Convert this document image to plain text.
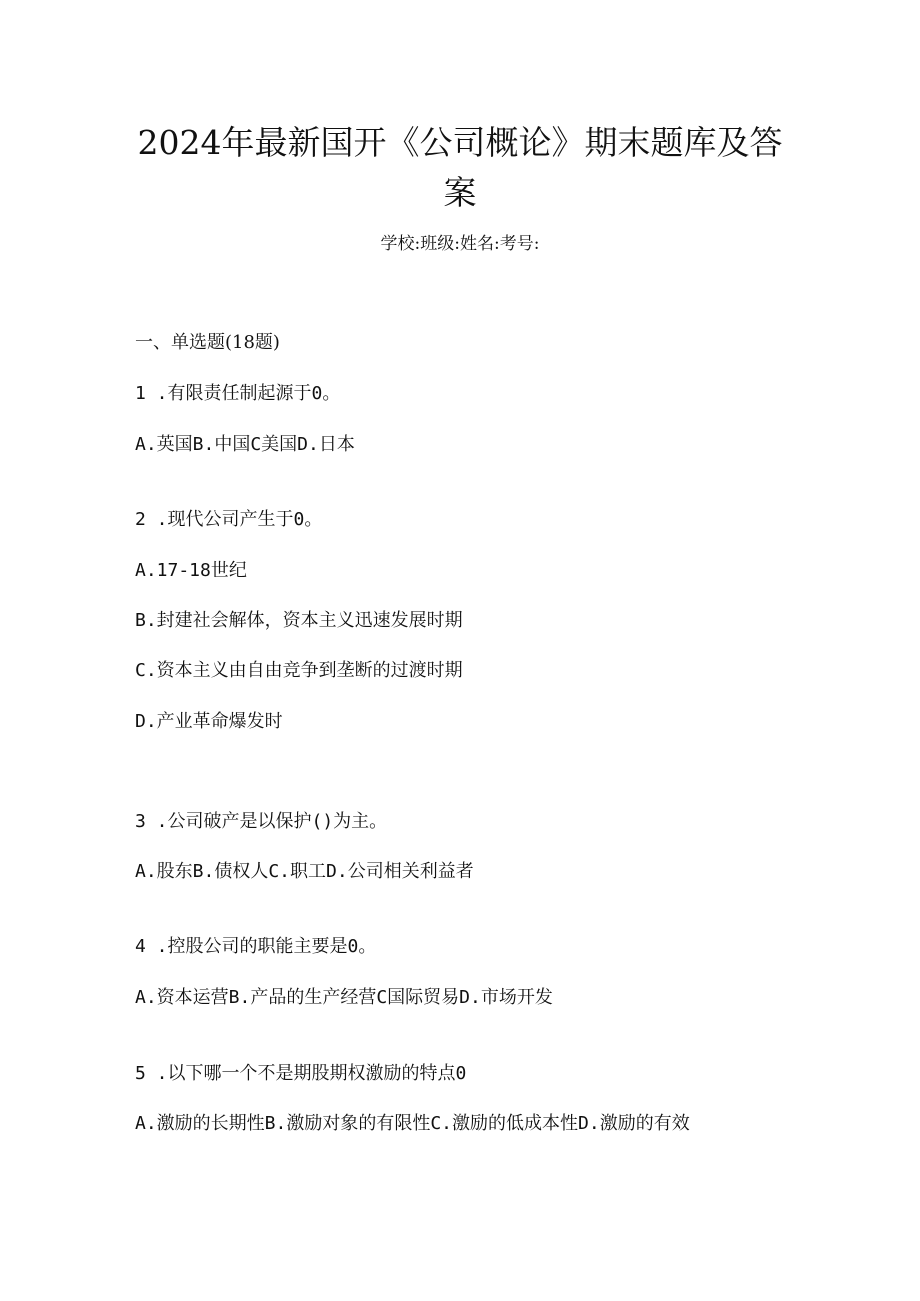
2024年最新国开《公司概论》期末题库及答案
学校:班级:姓名:考号:
一、单选题(18题)
1 .有限责任制起源于0。
A.英国B.中国C美国D.日本
2 .现代公司产生于0。
A.17-18世纪
B.封建社会解体，资本主义迅速发展时期
C.资本主义由自由竞争到垄断的过渡时期
D.产业革命爆发时
3 .公司破产是以保护()为主。
A.股东B.债权人C.职工D.公司相关利益者
4 .控股公司的职能主要是0。
A.资本运营B.产品的生产经营C国际贸易D.市场开发
5 .以下哪一个不是期股期权激励的特点0
A.激励的长期性B.激励对象的有限性C.激励的低成本性D.激励的有效
